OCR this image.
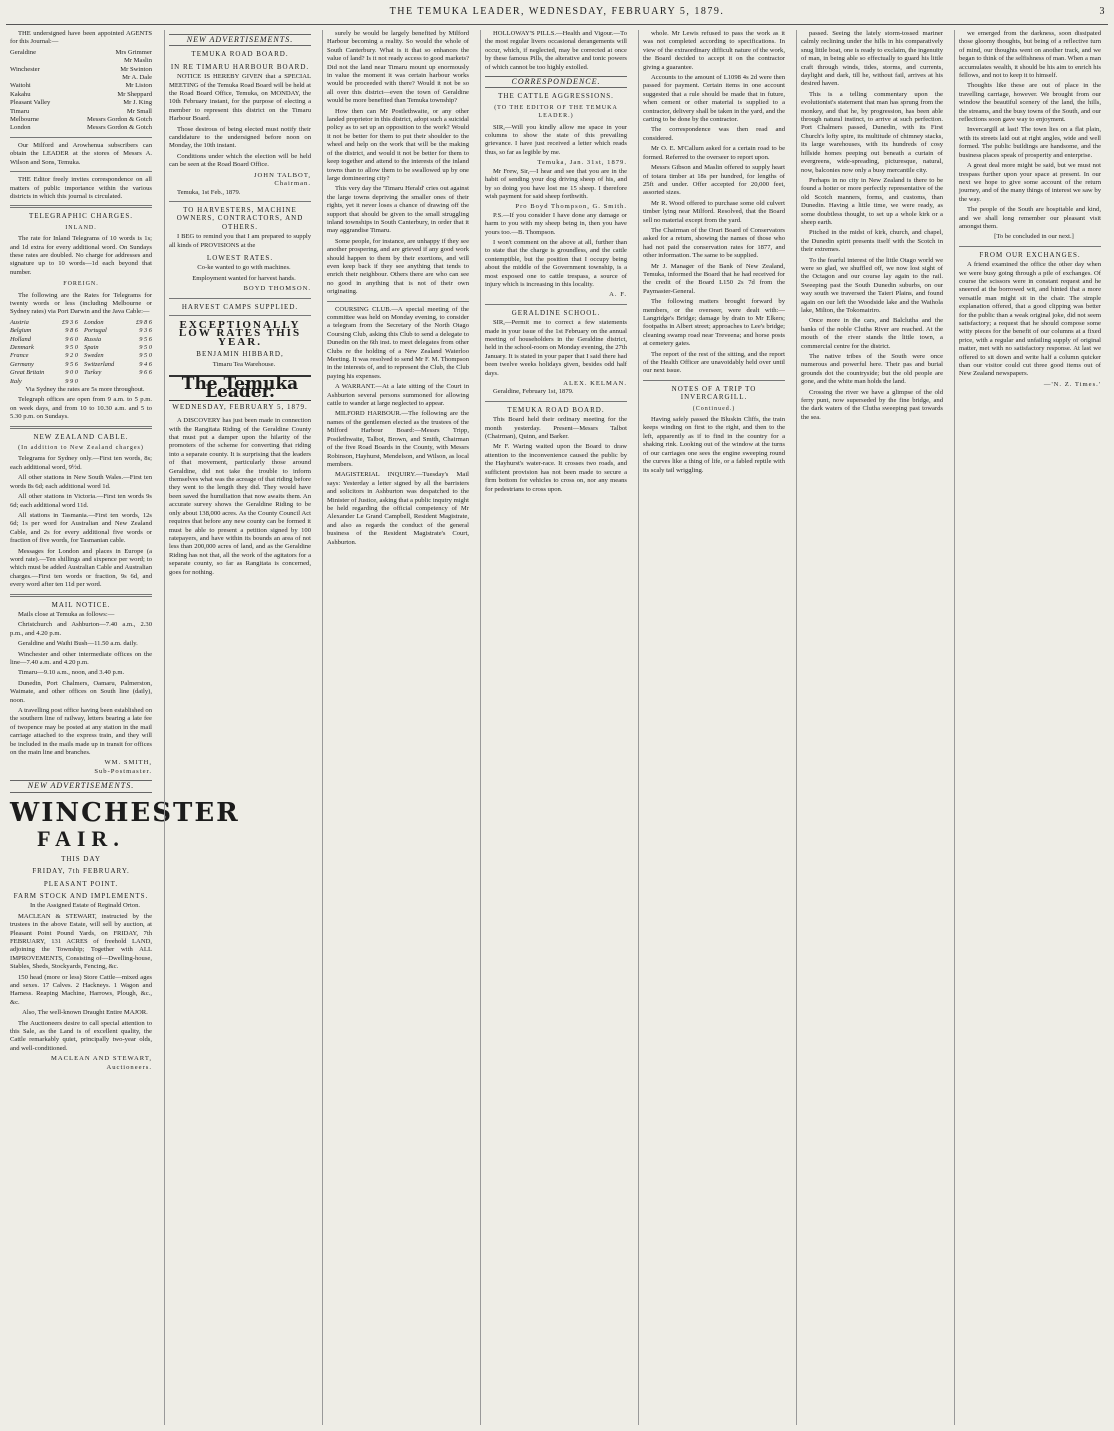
THE TEMUKA LEADER, WEDNESDAY, FEBRUARY 5, 1879.	3
THE undersigned have been appointed AGENTS for this Journal:—
Geraldine	Mrs Grimmer
Mr Maslin
Winchester	Mr Swinton
Mr A. Dale
Waitohi	Mr Liston
Kakahu	Mr Sheppard
Pleasant Valley	Mr J. King
Timaru	Mr Small
Melbourne	Messrs Gordon & Gotch
London	Messrs Gordon & Gotch
Our Milford and Arowhenua subscribers can obtain the LEADER at the stores of Messrs A. Wilson and Sons, Temuka.
THE Editor freely invites correspondence on all matters of public importance within the various districts in which this journal is circulated.
TELEGRAPHIC CHARGES.
INLAND.
The rate for Inland Telegrams of 10 words is 1s; and 1d extra for every additional word. On Sundays these rates are doubled. No charge for addresses and signature up to 10 words—1d each beyond that number.
FOREIGN.
The following are the Rates for Telegrams for twenty words or less (including Melbourne or Sydney rates) via Port Darwin and the Java Cable:—
Austria	£9 3 6 London	£9 8 6
Belgium	9 8 6 Portugal	9 3 6
Holland	9 6 0 Russia	9 5 6
Denmark	9 5 0 Spain	9 5 0
France	9 2 0 Sweden	9 5 0
Germany	9 5 6 Switzerland	9 4 6
Great Britain	9 0 0 Turkey	9 6 6
Italy	9 9 0
Via Sydney the rates are 5s more throughout.
Telegraph offices are open from 9 a.m. to 5 p.m. on week days, and from 10 to 10.30 a.m. and 5 to 5.30 p.m. on Sundays.
NEW ZEALAND CABLE.
(In addition to New Zealand charges)
Telegrams for Sydney only.—First ten words, 8s; each additional word, 9½d.
All other stations in New South Wales.—First ten words 8s 6d; each additional word 1d.
All other stations in Victoria.—First ten words 9s 6d; each additional word 11d.
All stations in Tasmania.—First ten words, 12s 6d; 1s per word for Australian and New Zealand Cable, and 2s for every additional five words or fraction of five words, for Tasmanian cable.
Messages for London and places in Europe (a word rate).—Ten shillings and sixpence per word; to which must be added Australian Cable and Australian charges.—First ten words or fraction, 9s 6d, and every word after ten 11d per word.
MAIL NOTICE.
Mails close at Temuka as follows:—
Christchurch and Ashburton—7.40 a.m., 2.30 p.m., and 4.20 p.m.
Geraldine and Waihi Bush—11.50 a.m. daily.
Winchester and other intermediate offices on the line—7.40 a.m. and 4.20 p.m.
Timaru—9.10 a.m., noon, and 3.40 p.m.
Dunedin, Port Chalmers, Oamaru, Palmerston, Waimate, and other offices on South line (daily), noon.
A travelling post office having been established on the southern line of railway, letters bearing a late fee of twopence may be posted at any station in the mail carriage attached to the express train, and they will be included in the mails made up in transit for offices on the main line and branches.
WM. SMITH,
Sub-Postmaster.
NEW ADVERTISEMENTS.
WINCHESTER
FAIR.
THIS DAY
FRIDAY, 7th FEBRUARY.
PLEASANT POINT.
FARM STOCK AND IMPLEMENTS.
In the Assigned Estate of Reginald Orton.
MACLEAN & STEWART, instructed by the trustees in the above Estate, will sell by auction, at Pleasant Point Pound Yards, on FRIDAY, 7th FEBRUARY, 131 ACRES of freehold LAND, adjoining the Township; Together with ALL IMPROVEMENTS, Consisting of—Dwelling-house, Stables, Sheds, Stockyards, Fencing, &c.
150 head (more or less) Store Cattle—mixed ages and sexes. 17 Calves. 2 Hackneys. 1 Wagon and Harness. Reaping Machine, Harrows, Plough, &c., &c.
Also, The well-known Draught Entire MAJOR.
The Auctioneers desire to call special attention to this Sale, as the Land is of excellent quality, the Cattle remarkably quiet, principally two-year olds, and well-conditioned.
MACLEAN AND STEWART,
Auctioneers.
NEW ADVERTISEMENTS.
TEMUKA ROAD BOARD.
IN RE TIMARU HARBOUR BOARD.
NOTICE IS HEREBY GIVEN that a SPECIAL MEETING of the Temuka Road Board will be held at the Road Board Office, Temuka, on MONDAY, the 10th February instant, for the purpose of electing a member to represent this district on the Timaru Harbour Board.
Those desirous of being elected must notify their candidature to the undersigned before noon on Monday, the 10th instant.
Conditions under which the election will be held can be seen at the Road Board Office.
JOHN TALBOT,
Chairman.
Temuka, 1st Feb., 1879.
TO HARVESTERS, MACHINE OWNERS, CONTRACTORS, AND OTHERS.
I BEG to remind you that I am prepared to supply all kinds of PROVISIONS at the
LOWEST RATES.
Co-ke wanted to go with machines.
Employment wanted for harvest hands.
BOYD THOMSON.
HARVEST CAMPS SUPPLIED.
EXCEPTIONALLY LOW RATES THIS YEAR.
BENJAMIN HIBBARD,
Timaru Tea Warehouse.
The Temuka Leader.
WEDNESDAY, FEBRUARY 5, 1879.
A DISCOVERY has just been made in connection with the Rangitata Riding of the Geraldine County that must put a damper upon the hilarity of the promoters of the scheme for converting that riding into a separate county. It is surprising that the leaders of that movement, particularly those around Geraldine, did not take the trouble to inform themselves what was the acreage of that riding before they went to the length they did. They would have been saved the humiliation that now awaits them. An accurate survey shows the Geraldine Riding to be only about 138,000 acres. As the County Council Act requires that before any new county can be formed it must be able to present a petition signed by 100 ratepayers, and have within its bounds an area of not less than 200,000 acres of land, and as the Geraldine Riding has not that, all the work of the agitators for a separate county, so far as Rangitata is concerned, goes for nothing.
surely be would be largely benefited by Milford Harbour becoming a reality. So would the whole of South Canterbury. What is it that so enhances the value of land? Is it not ready access to good markets? Did not the land near Timaru mount up enormously in value the moment it was certain harbour works would be proceeded with there? Would it not be so all over this district—even the town of Geraldine would be more benefited than Temuka township?
How then can Mr Postlethwaite, or any other landed proprietor in this district, adopt such a suicidal policy as to set up an opposition to the work? Would it not be better for them to put their shoulder to the wheel and help on the work that will be the making of the district, and would it not be better for them to keep together and attend to the interests of the inland towns than to allow them to be swallowed up by one large domineering city?
This very day the 'Timaru Herald' cries out against the large towns depriving the smaller ones of their rights, yet it never loses a chance of drawing off the support that should be given to the small struggling inland townships in South Canterbury, in order that it may aggrandise Timaru.
Some people, for instance, are unhappy if they see another prospering, and are grieved if any good work should happen to them by their exertions, and will even keep back if they see anything that tends to enrich their neighbour. Others there are who can see no good in anything that is not of their own originating.
COURSING CLUB.—A special meeting of the committee was held on Monday evening, to consider a telegram from the Secretary of the North Otago Coursing Club, asking this Club to send a delegate to Dunedin on the 6th inst. to meet delegates from other Clubs re the holding of a New Zealand Waterloo Meeting. It was resolved to send Mr F. M. Thompson in the interests of, and to represent the Club, the Club paying his expenses.
A WARRANT.—At a late sitting of the Court in Ashburton several persons summoned for allowing cattle to wander at large neglected to appear.
MILFORD HARBOUR.—The following are the names of the gentlemen elected as the trustees of the Milford Harbour Board:—Messrs Tripp, Postlethwaite, Talbot, Brown, and Smith, Chairman of the five Road Boards in the County, with Messrs Robinson, Hayhurst, Mendelson, and Wilson, as local members.
MAGISTERIAL INQUIRY.—Tuesday's Mail says: Yesterday a letter signed by all the barristers and solicitors in Ashburton was despatched to the Minister of Justice, asking that a public inquiry might be held regarding the official competency of Mr Alexander Le Grand Campbell, Resident Magistrate, and also as regards the conduct of the general business of the Resident Magistrate's Court, Ashburton.
HOLLOWAY'S PILLS.—Health and Vigour.—To the most regular livers occasional derangements will occur, which, if neglected, may be corrected at once by these famous Pills, the alterative and tonic powers of which cannot be too highly extolled.
CORRESPONDENCE.
THE CATTLE AGGRESSIONS.
(TO THE EDITOR OF THE TEMUKA LEADER.)
SIR,—Will you kindly allow me space in your columns to show the state of this prevailing grievance. I have just received a letter which reads thus, so far as legible by me.
Temuka, Jan. 31st, 1879.
Mr Frew, Sir,—I hear and see that you are in the habit of sending your dog driving sheep of his, and by so doing you have lost me 15 sheep. I therefore wish payment for said sheep forthwith.
Pro Boyd Thompson, G. Smith.
P.S.—If you consider I have done any damage or harm to you with my sheep being in, then you have yours too.—B. Thompson.
I won't comment on the above at all, further than to state that the charge is groundless, and the cattle contemptible, but the position that I occupy being about the middle of the Government township, is a most exposed one to cattle trespass, a source of injury which is increasing in this locality.
A. F.
GERALDINE SCHOOL.
SIR,—Permit me to correct a few statements made in your issue of the 1st February on the annual meeting of householders in the Geraldine district, held in the school-room on Monday evening, the 27th January. It is stated in your paper that I said there had been twelve weeks holidays given, besides odd half days.
ALEX. KELMAN.
Geraldine, February 1st, 1879.
TEMUKA ROAD BOARD.
This Board held their ordinary meeting for the month yesterday. Present—Messrs Talbot (Chairman), Quinn, and Barker.
Mr F. Waring waited upon the Board to draw attention to the inconvenience caused the public by the Hayhurst's water-race. It crosses two roads, and sufficient provision has not been made to secure a firm bottom for vehicles to cross on, nor any means for pedestrians to cross upon.
whole. Mr Lewis refused to pass the work as it was not completed according to specifications. In view of the extraordinary difficult nature of the work, the Board decided to accept it on the contractor giving a guarantee.
Accounts to the amount of L1098 4s 2d were then passed for payment. Certain items in one account suggested that a rule should be made that in future, when cement or other material is supplied to a contractor, delivery shall be taken in the yard, and the carting to be done by the contractor.
The correspondence was then read and considered.
Mr O. E. M'Callum asked for a certain road to be formed. Referred to the overseer to report upon.
Messrs Gibson and Maslin offered to supply heart of totara timber at 18s per hundred, for lengths of 25ft and under. Offer accepted for 20,000 feet, assorted sizes.
Mr R. Wood offered to purchase some old culvert timber lying near Milford. Resolved, that the Board sell no material except from the yard.
The Chairman of the Orari Board of Conservators asked for a return, showing the names of those who had not paid the conservation rates for 1877, and other information. The same to be supplied.
Mr J. Manager of the Bank of New Zealand, Temuka, informed the Board that he had received for the credit of the Board L150 2s 7d from the Paymaster-General.
The following matters brought forward by members, or the overseer, were dealt with:—Langridge's Bridge; damage by drain to Mr Elkers; footpaths in Albert street; approaches to Lee's bridge; cleaning swamp road near Treveena; and horse posts at cemetery gates.
The report of the rest of the sitting, and the report of the Health Officer are unavoidably held over until our next issue.
NOTES OF A TRIP TO INVERCARGILL.
(Continued.)
Having safely passed the Bluskin Cliffs, the train keeps winding on first to the right, and then to the left, apparently as if to find in the country for a shaking rink. Looking out of the window at the turns of our carriages one sees the engine sweeping round the curves like a thing of life, or a fabled reptile with its scaly tail wriggling.
passed. Seeing the lately storm-tossed mariner calmly reclining under the hills in his comparatively snug little boat, one is ready to exclaim, the ingenuity of man, in being able so effectually to guard his little craft through winds, tides, storms, and currents, daylight and dark, till he, without fail, arrives at his desired haven.
This is a telling commentary upon the evolutionist's statement that man has sprung from the monkey, and that he, by progression, has been able through natural instinct, to arrive at such perfection. Port Chalmers passed, Dunedin, with its First Church's lofty spire, its multitude of chimney stacks, its large warehouses, with its hundreds of cosy hillside homes peeping out beneath a curtain of evergreens, wide-spreading, picturesque, natural, now, balconies now only a busy mercantile city.
Perhaps in no city in New Zealand is there to be found a hotter or more perfectly representative of the old Scotch manners, forms, and customs, than Dunedin. Having a little time, we were ready, as some doubtless thought, to set up a whole kirk or a sheep earth.
Pitched in the midst of kirk, church, and chapel, the Dunedin spirit presents itself with the Scotch in their extremes.
To the fearful interest of the little Otago world we were so glad, we shuffled off, we now lost sight of the Octagon and our course lay again to the rail. Sweeping past the South Dunedin suburbs, on our way south we traversed the Taieri Plains, and found again on our left the Woodside lake and the Waihola lake, Milton, the Tokomairiro.
Once more in the cars, and Balclutha and the banks of the noble Clutha River are reached. At the mouth of the river stands the little town, a commercial centre for the district.
The native tribes of the South were once numerous and powerful here. Their pas and burial grounds dot the countryside; but the old people are gone, and the white man holds the land.
Crossing the river we have a glimpse of the old ferry punt, now superseded by the fine bridge, and the dark waters of the Clutha sweeping past towards the sea.
we emerged from the darkness, soon dissipated those gloomy thoughts, but being of a reflective turn of mind, our thoughts went on another track, and we began to think of the selfishness of man. When a man accumulates wealth, it should be his aim to enrich his fellows, and not to keep it to himself.
Thoughts like these are out of place in the travelling carriage, however. We brought from our window the beautiful scenery of the land, the hills, the streams, and the busy towns of the South, and our reflections soon gave way to enjoyment.
Invercargill at last! The town lies on a flat plain, with its streets laid out at right angles, wide and well formed. The public buildings are handsome, and the business places speak of prosperity and enterprise.
A great deal more might be said, but we must not trespass further upon your space at present. In our next we hope to give some account of the return journey, and of the many things of interest we saw by the way.
The people of the South are hospitable and kind, and we shall long remember our pleasant visit amongst them.
[To be concluded in our next.]
FROM OUR EXCHANGES.
A friend examined the office the other day when we were busy going through a pile of exchanges. Of course the scissors were in constant request and he sneered at the borrowed wit, and hinted that a more versatile man might sit in the chair. The simple explanation offered, that a good clipping was better for the public than a weak original joke, did not seem satisfactory; a request that he should compose some witty pieces for the benefit of our columns at a fixed price, with a regular and unfailing supply of original matter, met with no satisfactory response. At last we offered to sit down and write half a column quicker than our visitor could cut three good items out of New Zealand newspapers.
—'N. Z. Times.'
